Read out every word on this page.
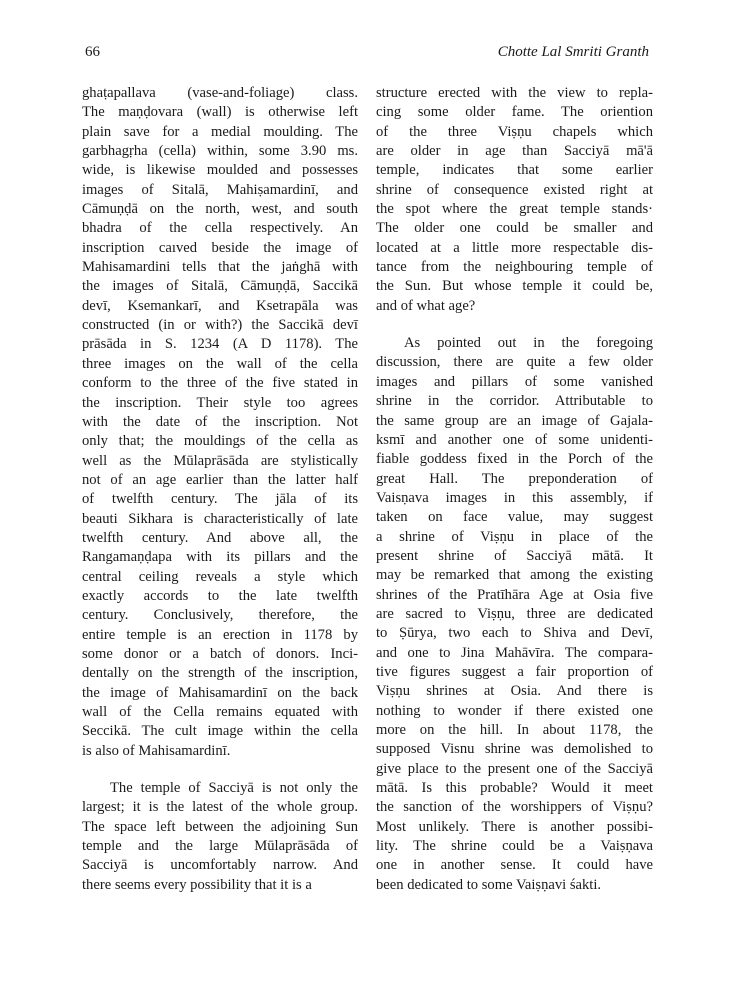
66	Chotte Lal Smriti Granth
ghaṭapallava (vase-and-foliage) class.
The maṇḍovara (wall) is otherwise left
plain save for a medial moulding. The
garbhagṛha (cella) within, some 3.90 ms.
wide, is likewise moulded and possesses
images of Sitalā, Mahiṣamardinī, and
Cāmuṇḍā on the north, west, and south
bhadra of the cella respectively. An
inscription caıved beside the image of
Mahisamardini tells that the jaṅghā with
the images of Sitalā, Cāmuṇḍā, Saccikā
devī, Ksemankarī, and Ksetrapāla was
constructed (in or with?) the Saccikā devī
prāsāda in S. 1234 (A D 1178). The
three images on the wall of the cella
conform to the three of the five stated in
the inscription. Their style too agrees
with the date of the inscription. Not
only that; the mouldings of the cella as
well as the Mūlaprāsāda are stylistically
not of an age earlier than the latter half
of twelfth century. The jāla of its
beauti Sikhara is characteristically of late
twelfth century. And above all, the
Rangamaṇḍapa with its pillars and the
central ceiling reveals a style which
exactly accords to the late twelfth
century. Conclusively, therefore, the
entire temple is an erection in 1178 by
some donor or a batch of donors. Inci-
dentally on the strength of the inscription,
the image of Mahisamardinī on the back
wall of the Cella remains equated with
Seccikā. The cult image within the cella
is also of Mahisamardinī.
The temple of Sacciyā is not only the
largest; it is the latest of the whole group.
The space left between the adjoining Sun
temple and the large Mūlaprāsāda of
Sacciyā is uncomfortably narrow. And
there seems every possibility that it is a
structure erected with the view to repla-
cing some older fame. The oriention
of the three Viṣṇu chapels which
are older in age than Sacciyā mā'ā
temple, indicates that some earlier
shrine of consequence existed right at
the spot where the great temple stands·
The older one could be smaller and
located at a little more respectable dis-
tance from the neighbouring temple of
the Sun. But whose temple it could be,
and of what age?
As pointed out in the foregoing
discussion, there are quite a few older
images and pillars of some vanished
shrine in the corridor. Attributable to
the same group are an image of Gajala-
ksmī and another one of some unidenti-
fiable goddess fixed in the Porch of the
great Hall. The preponderation of
Vaisṇava images in this assembly, if
taken on face value, may suggest
a shrine of Viṣṇu in place of the
present shrine of Sacciyā mātā. It
may be remarked that among the existing
shrines of the Pratīhāra Age at Osia five
are sacred to Viṣṇu, three are dedicated
to Ṣūrya, two each to Shiva and Devī,
and one to Jina Mahāvīra. The compara-
tive figures suggest a fair proportion of
Viṣṇu shrines at Osia. And there is
nothing to wonder if there existed one
more on the hill. In about 1178, the
supposed Visnu shrine was demolished to
give place to the present one of the Sacciyā
mātā. Is this probable? Would it meet
the sanction of the worshippers of Viṣṇu?
Most unlikely. There is another possibi-
lity. The shrine could be a Vaiṣṇava
one in another sense. It could have
been dedicated to some Vaiṣṇavi śakti.
